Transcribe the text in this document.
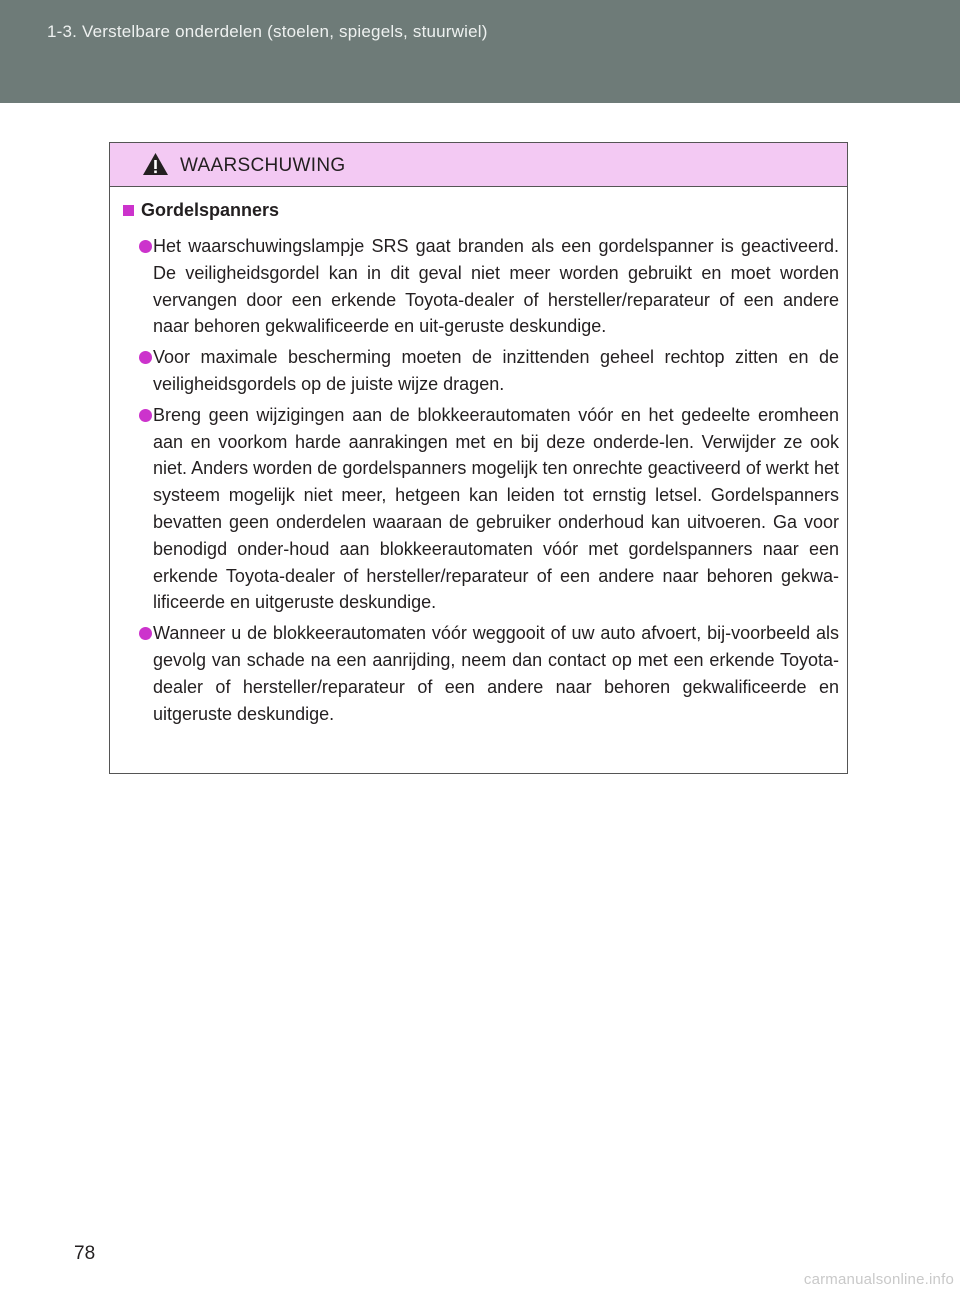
1-3. Verstelbare onderdelen (stoelen, spiegels, stuurwiel)
WAARSCHUWING
Gordelspanners
Het waarschuwingslampje SRS gaat branden als een gordelspanner is geactiveerd. De veiligheidsgordel kan in dit geval niet meer worden gebruikt en moet worden vervangen door een erkende Toyota-dealer of hersteller/reparateur of een andere naar behoren gekwalificeerde en uit-geruste deskundige.
Voor maximale bescherming moeten de inzittenden geheel rechtop zitten en de veiligheidsgordels op de juiste wijze dragen.
Breng geen wijzigingen aan de blokkeerautomaten vóór en het gedeelte eromheen aan en voorkom harde aanrakingen met en bij deze onderde-len. Verwijder ze ook niet. Anders worden de gordelspanners mogelijk ten onrechte geactiveerd of werkt het systeem mogelijk niet meer, hetgeen kan leiden tot ernstig letsel. Gordelspanners bevatten geen onderdelen waaraan de gebruiker onderhoud kan uitvoeren. Ga voor benodigd onder-houd aan blokkeerautomaten vóór met gordelspanners naar een erkende Toyota-dealer of hersteller/reparateur of een andere naar behoren gekwa-lificeerde en uitgeruste deskundige.
Wanneer u de blokkeerautomaten vóór weggooit of uw auto afvoert, bij-voorbeeld als gevolg van schade na een aanrijding, neem dan contact op met een erkende Toyota-dealer of hersteller/reparateur of een andere naar behoren gekwalificeerde en uitgeruste deskundige.
78
carmanualsonline.info
